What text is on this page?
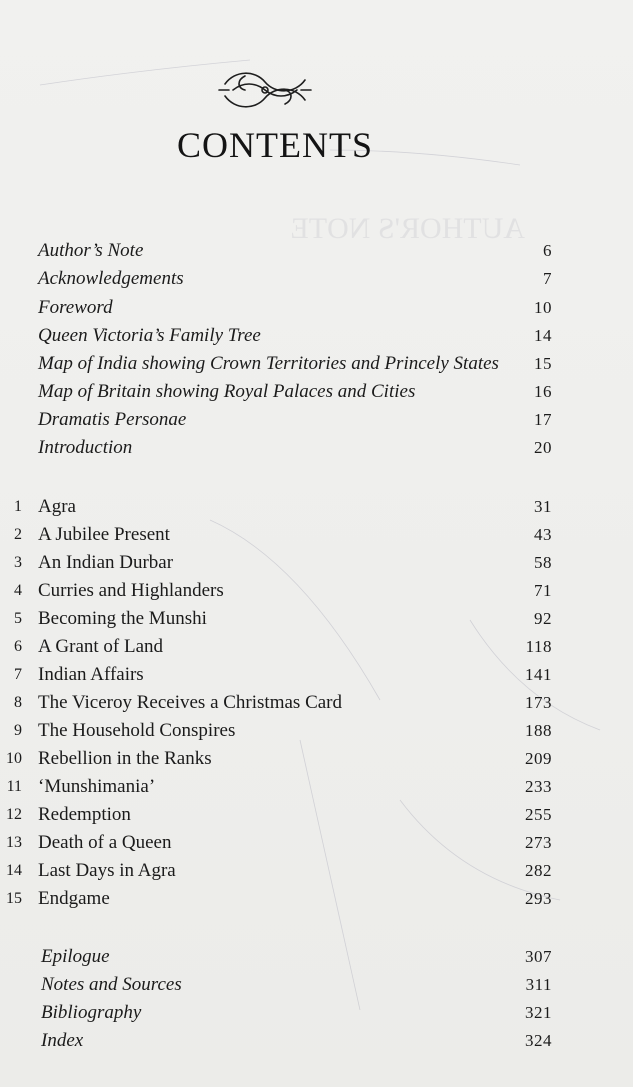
AUTHOR'S NOTE
CONTENTS
Author’s Note	6
Acknowledgements	7
Foreword	10
Queen Victoria’s Family Tree	14
Map of India showing Crown Territories and Princely States 15
Map of Britain showing Royal Palaces and Cities	16
Dramatis Personae	17
Introduction	20
1 Agra	31
2 A Jubilee Present	43
3 An Indian Durbar	58
4 Curries and Highlanders	71
5 Becoming the Munshi	92
6 A Grant of Land	118
7 Indian Affairs	141
8 The Viceroy Receives a Christmas Card	173
9 The Household Conspires	188
10 Rebellion in the Ranks	209
11 ‘Munshimania’	233
12 Redemption	255
13 Death of a Queen	273
14 Last Days in Agra	282
15 Endgame	293
Epilogue	307
Notes and Sources	311
Bibliography	321
Index	324
